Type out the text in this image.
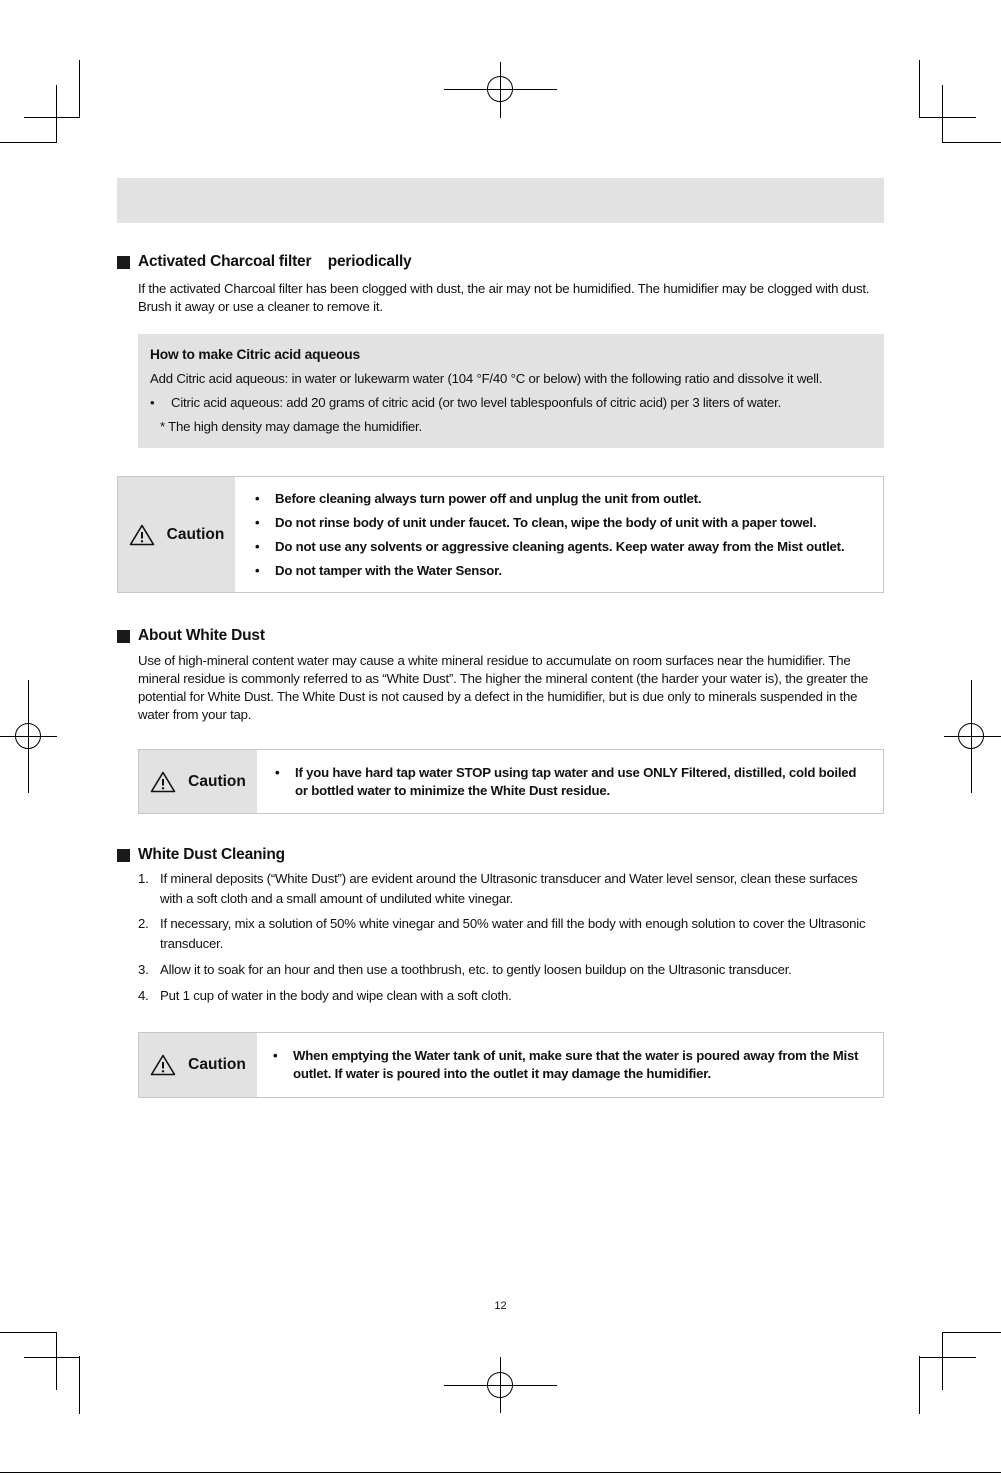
Activated Charcoal filter    periodically
If the activated Charcoal filter has been clogged with dust, the air may not be humidified. The humidifier may be clogged with dust. Brush it away or use a cleaner to remove it.
How to make Citric acid aqueous
Add Citric acid aqueous: in water or lukewarm water (104 °F/40 °C or below) with the following ratio and dissolve it well.
•	Citric acid aqueous: add 20 grams of citric acid (or two level tablespoonfuls of citric acid) per 3 liters of water.
* The high density may damage the humidifier.
Caution
•	Before cleaning always turn power off and unplug the unit from outlet.
•	Do not rinse body of unit under faucet. To clean, wipe the body of unit with a paper towel.
•	Do not use any solvents or aggressive cleaning agents. Keep water away from the Mist outlet.
•	Do not tamper with the Water Sensor.
About White Dust
Use of high-mineral content water may cause a white mineral residue to accumulate on room surfaces near the humidifier. The mineral residue is commonly referred to as “White Dust”. The higher the mineral content (the harder your water is), the greater the potential for White Dust. The White Dust is not caused by a defect in the humidifier, but is due only to minerals suspended in the water from your tap.
Caution
•	If you have hard tap water STOP using tap water and use ONLY Filtered, distilled, cold boiled or bottled water to minimize the White Dust residue.
White Dust Cleaning
1. If mineral deposits (“White Dust”) are evident around the Ultrasonic transducer and Water level sensor, clean these surfaces with a soft cloth and a small amount of undiluted white vinegar.
2. If necessary, mix a solution of 50% white vinegar and 50% water and fill the body with enough solution to cover the Ultrasonic transducer.
3. Allow it to soak for an hour and then use a toothbrush, etc. to gently loosen buildup on the Ultrasonic transducer.
4. Put 1 cup of water in the body and wipe clean with a soft cloth.
Caution
•	When emptying the Water tank of unit, make sure that the water is poured away from the Mist outlet. If water is poured into the outlet it may damage the humidifier.
12
